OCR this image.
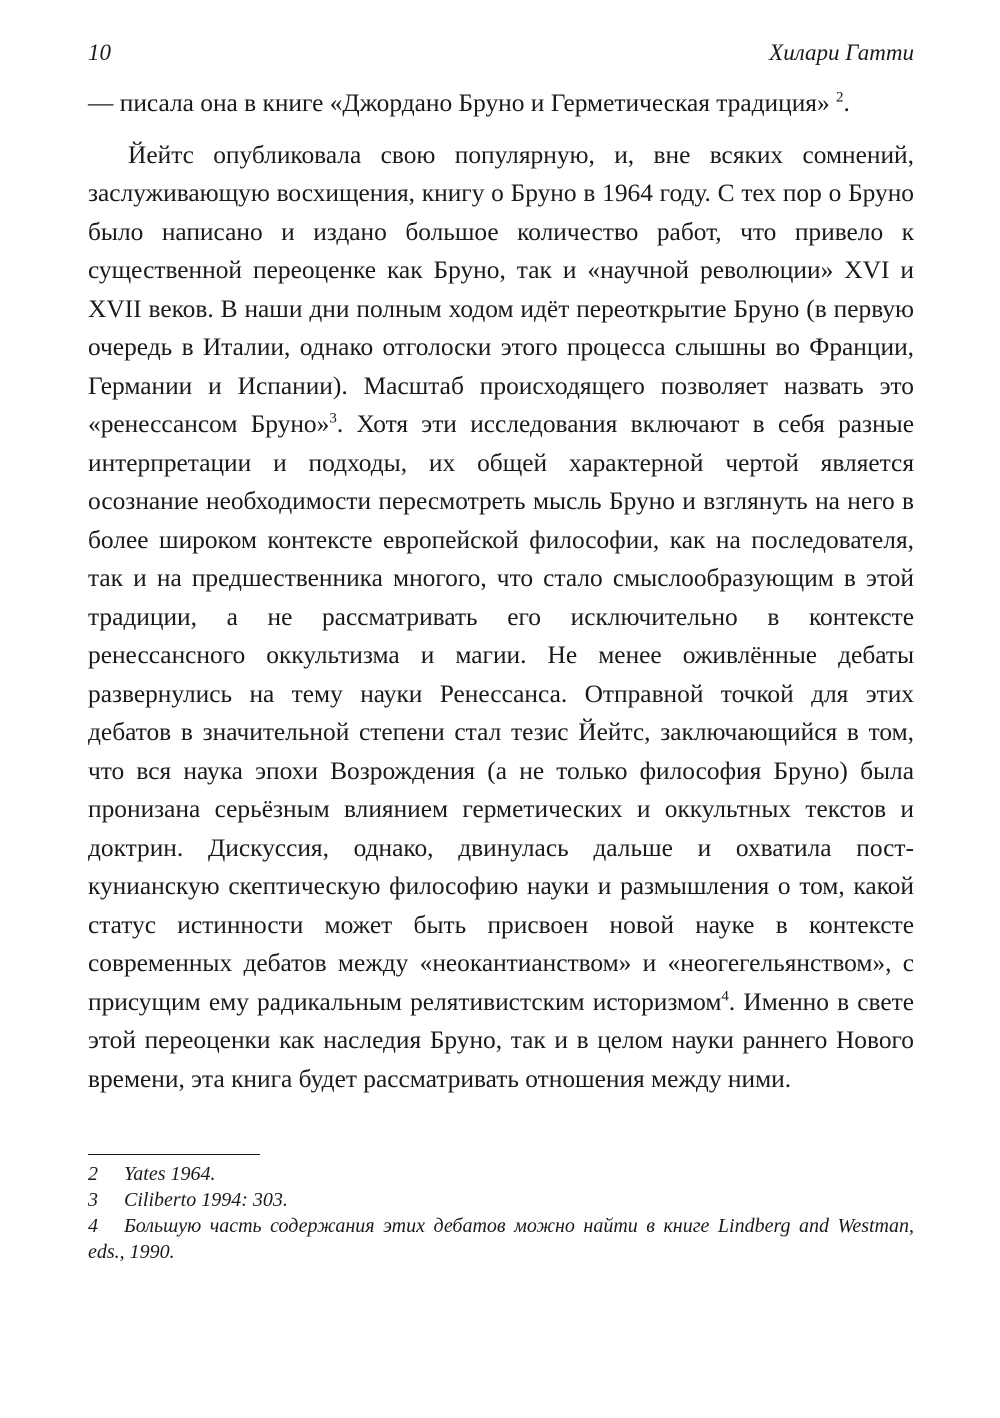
10	Хилари Гатти

— писала она в книге «Джордано Бруно и Герметическая традиция» $^2$.

Йейтс опубликовала свою популярную, и, вне всяких сомнений, заслуживающую восхищения, книгу о Бруно в 1964 году. С тех пор о Бруно было написано и издано большое количество работ, что привело к существенной переоценке как Бруно, так и «научной революции» XVI и XVII веков. В наши дни полным ходом идёт переоткрытие Бруно (в первую очередь в Италии, однако отголоски этого процесса слышны во Франции, Германии и Испании). Масштаб происходящего позволяет назвать это «ренессансом Бруно»$^3$. Хотя эти исследования включают в себя разные интерпретации и подходы, их общей характерной чертой является осознание необходимости пересмотреть мысль Бруно и взглянуть на него в более широком контексте европейской философии, как на последователя, так и на предшественника многого, что стало смыслообразующим в этой традиции, а не рассматривать его исключительно в контексте ренессансного оккультизма и магии. Не менее оживлённые дебаты развернулись на тему науки Ренессанса. Отправной точкой для этих дебатов в значительной степени стал тезис Йейтс, заключающийся в том, что вся наука эпохи Возрождения (а не только философия Бруно) была пронизана серьёзным влиянием герметических и оккультных текстов и доктрин. Дискуссия, однако, двинулась дальше и охватила пост-кунианскую скептическую философию науки и размышления о том, какой статус истинности может быть присвоен новой науке в контексте современных дебатов между «неокантианством» и «неогегельянством», с присущим ему радикальным релятивистским историзмом$^4$. Именно в свете этой переоценки как наследия Бруно, так и в целом науки раннего Нового времени, эта книга будет рассматривать отношения между ними.

2 Yates 1964.
3 Ciliberto 1994: 303.
4 Большую часть содержания этих дебатов можно найти в книге Lindberg and Westman, eds., 1990.
